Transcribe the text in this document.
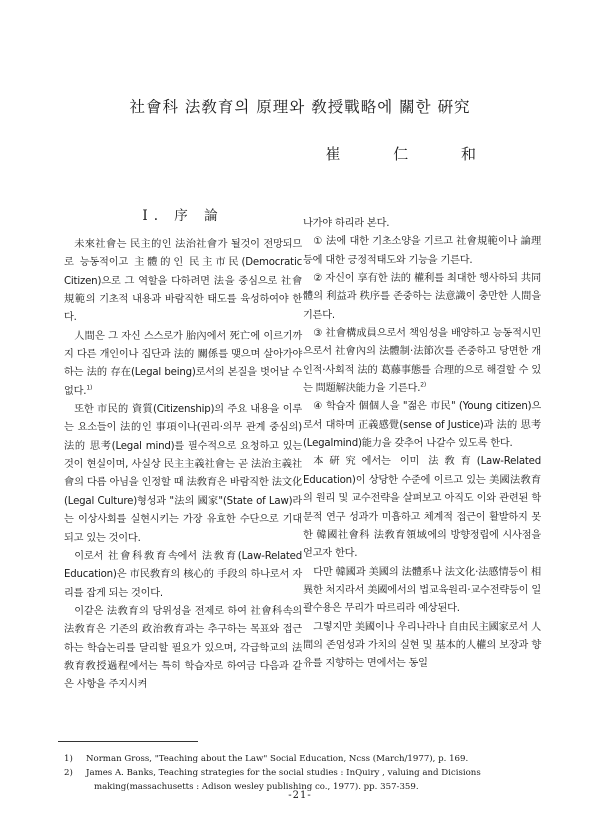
社會科 法敎育의 原理와 敎授戰略에 關한 硏究
崔 仁 和
Ⅰ. 序 論

未來社會는 民主的인 法治社會가 될것이 전망되므로 능동적이고 主體的인 民主市民(Democratic Citizen)으로 그 역할을 다하려면 法을 중심으로 社會規範의 기초적 내용과 바람직한 태도를 육성하여야 한다.

人間은 그 자신 스스로가 胎內에서 死亡에 이르기까지 다른 개인이나 집단과 法的 關係를 맺으며 살아가야 하는 法的 存在(Legal being)로서의 본질을 벗어날 수 없다.$^{1)}$

또한 市民的 資質(Citizenship)의 주요 내용을 이루는 요소들이 法的인 事項이나(권리·의무 관계 중심의) 法的 思考(Legal mind)를 필수적으로 요청하고 있는 것이 현실이며, 사실상 民主主義社會는 곧 法治主義社會의 다름 아님을 인정할 때 法敎育은 바람직한 法文化(Legal Culture)형성과 "法의 國家"(State of Law)라는 이상사회를 실현시키는 가장 유효한 수단으로 기대되고 있는 것이다.

이로서 社會科敎育속에서 法敎育(Law-Related Education)은 市民敎育의 核心的 手段의 하나로서 자리를 잡게 되는 것이다.

이같은 法敎育의 당위성을 전제로 하여 社會科속의 法敎育은 기존의 政治敎育과는 추구하는 목표와 접근하는 학습논리를 달리할 필요가 있으며, 각급학교의 法敎育敎授過程에서는 특히 학습자로 하여금 다음과 같은 사항을 주지시켜

나가야 하리라 본다.

① 法에 대한 기초소양을 기르고 社會規範이나 論理등에 대한 긍정적태도와 기능을 기른다.

② 자신이 享有한 法的 權利를 최대한 행사하되 共同體의 利益과 秩序를 존중하는 法意識이 충만한 人間을 기른다.

③ 社會構成員으로서 책임성을 배양하고 능동적시민으로서 社會內의 法體制·法節次를 존중하고 당면한 개인적·사회적 法的 葛藤事態를 合理的으로 해결할 수 있는 問題解決能力을 기른다.$^{2)}$

④ 학습자 個個人을 "젊은 市民" (Young citizen)으로서 대하며 正義感覺(sense of Justice)과 法的 思考(Legalmind)能力을 갖추어 나갈수 있도록 한다.

本硏究에서는 이미 法敎育(Law-Related Education)이 상당한 수준에 이르고 있는 美國法敎育의 원리 및 교수전략을 살펴보고 아직도 이와 관련된 학문적 연구 성과가 미흡하고 체계적 접근이 활발하지 못한 韓國社會科 法敎育領域에의 방향정립에 시사점을 얻고자 한다.

다만 韓國과 美國의 法體系나 法文化·法感情등이 相異한 처지라서 美國에서의 법교육원리·교수전략등이 일괄수용은 무리가 따르리라 예상된다.

그렇지만 美國이나 우리나라나 自由民主國家로서 人間의 존엄성과 가치의 실현 및 基本的人權의 보장과 향유를 지향하는 면에서는 동일

1) Norman Gross, "Teaching about the Law" Social Education, Ncss (March/1977), p. 169.
2) James A. Banks, Teaching strategies for the social studies : InQuiry , valuing and Dicisions making(massachusetts : Adison wesley publishing co., 1977). pp. 357-359.
-21-
